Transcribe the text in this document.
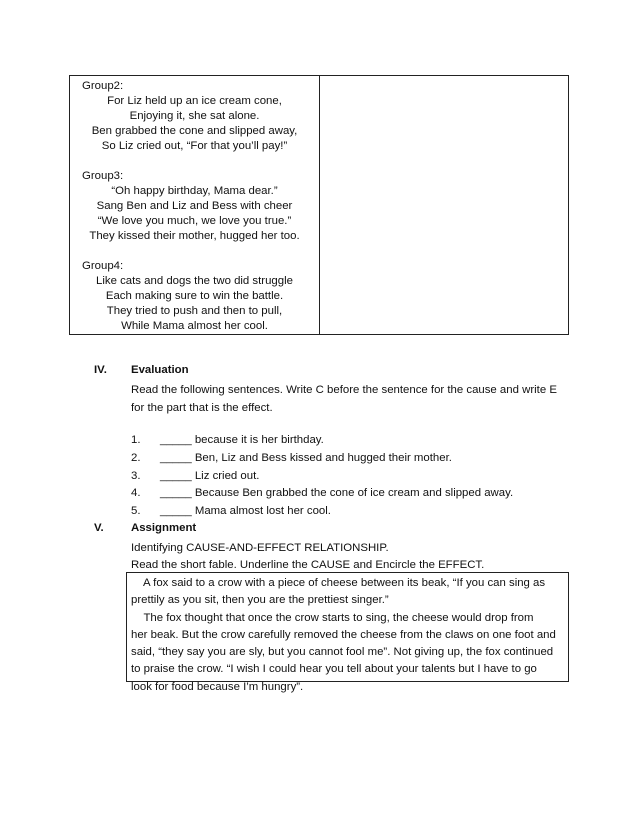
Group2:
For Liz held up an ice cream cone,
Enjoying it, she sat alone.
Ben grabbed the cone and slipped away,
So Liz cried out, “For that you’ll pay!”
Group3:
“Oh happy birthday, Mama dear.”
Sang Ben and Liz and Bess with cheer
“We love you much, we love you true.”
They kissed their mother, hugged her too.
Group4:
Like cats and dogs the two did struggle
Each making sure to win the battle.
They tried to push and then to pull,
While Mama almost her cool.
IV. Evaluation
Read the following sentences. Write C before the sentence for the cause and write E
for the part that is the effect.
1. _____ because it is her birthday.
2. _____ Ben, Liz and Bess kissed and hugged their mother.
3. _____ Liz cried out.
4. _____ Because Ben grabbed the cone of ice cream and slipped away.
5. _____ Mama almost lost her cool.
V. Assignment
Identifying CAUSE-AND-EFFECT RELATIONSHIP.
Read the short fable. Underline the CAUSE and Encircle the EFFECT.
A fox said to a crow with a piece of cheese between its beak, “If you can sing as
prettily as you sit, then you are the prettiest singer.”
The fox thought that once the crow starts to sing, the cheese would drop from
her beak. But the crow carefully removed the cheese from the claws on one foot and
said, “they say you are sly, but you cannot fool me”. Not giving up, the fox continued
to praise the crow. “I wish I could hear you tell about your talents but I have to go
look for food because I’m hungry”.
